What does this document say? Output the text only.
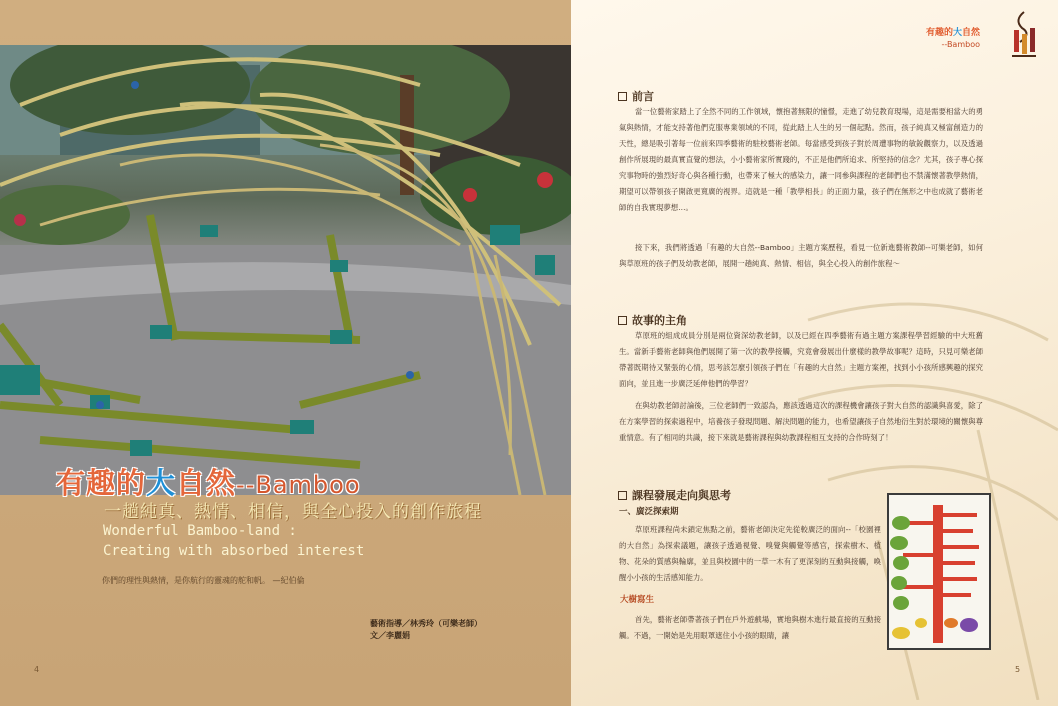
有趣的大自然--Bamboo
一趟純真、熱情、相信，與全心投入的創作旅程
Wonderful Bamboo-land :
Creating with absorbed interest
你們的理性與熱情，是你航行的靈魂的舵和帆。 —紀伯倫
藝術指導／林秀玲（可樂老師）
文／李麗娟
4
有趣的大自然
--Bamboo
前言
當一位藝術家踏上了全然不同的工作領域，懷抱著無限的憧憬，走進了幼兒教育現場，這是需要相當大的勇氣與熱情，才能支持著他們克服專業領域的不同，從此踏上人生的另一個起點。然而，孩子純真又極富創造力的天性，總是吸引著每一位前來四季藝術的駐校藝術老師。每當感受到孩子對於周遭事物的敏銳觀察力，以及透過創作所展現的最真實直覺的想法，小小藝術家所實踐的，不正是他們所追求、所堅持的信念？尤其，孩子專心探究事物時的強烈好奇心與各種行動，也帶來了極大的感染力，讓一同參與課程的老師們也不禁滿懷著教學熱情，期望可以帶領孩子開啟更寬廣的視界。這就是一種「教學相長」的正面力量，孩子們在無形之中也成就了藝術老師的自我實現夢想…。
接下來，我們將透過「有趣的大自然--Bamboo」主題方案歷程，看見一位新進藝術教師--可樂老師，如何與草原班的孩子們及幼教老師，展開一趟純真、熱情、相信，與全心投入的創作旅程～
故事的主角
草原班的組成成員分別是兩位資深幼教老師，以及已經在四季藝術有過主題方案課程學習經驗的中大班舊生。當新手藝術老師與他們展開了第一次的教學接觸，究竟會發展出什麼樣的教學故事呢？這時，只見可樂老師帶著既期待又緊張的心情，思考該怎麼引領孩子們在「有趣的大自然」主題方案裡，找到小小孩所感興趣的探究面向，並且進一步廣泛延伸他們的學習？
在與幼教老師討論後，三位老師們一致認為，應該透過這次的課程機會讓孩子對大自然的認識與喜愛，除了在方案學習的探索過程中，培養孩子發現問題、解決問題的能力，也希望讓孩子自然地衍生對於環境的關懷與尊重情意。有了相同的共識，接下來就是藝術課程與幼教課程相互支持的合作時刻了！
課程發展走向與思考
一、廣泛探索期
草原班課程尚未鎖定焦點之前，藝術老師決定先從較廣泛的面向--「校園裡的大自然」為探索議題，讓孩子透過視覺、嗅覺與觸覺等感官，探索樹木、植物、花朵的質感與輪廓，並且與校園中的一草一木有了更深刻的互動與接觸，喚醒小小孩的生活感知能力。
大樹寫生
首先，藝術老師帶著孩子們在戶外遊戲場，實地與樹木進行最直接的互動接觸。不過，一開始是先用眼罩遮住小小孩的眼睛，讓
5
